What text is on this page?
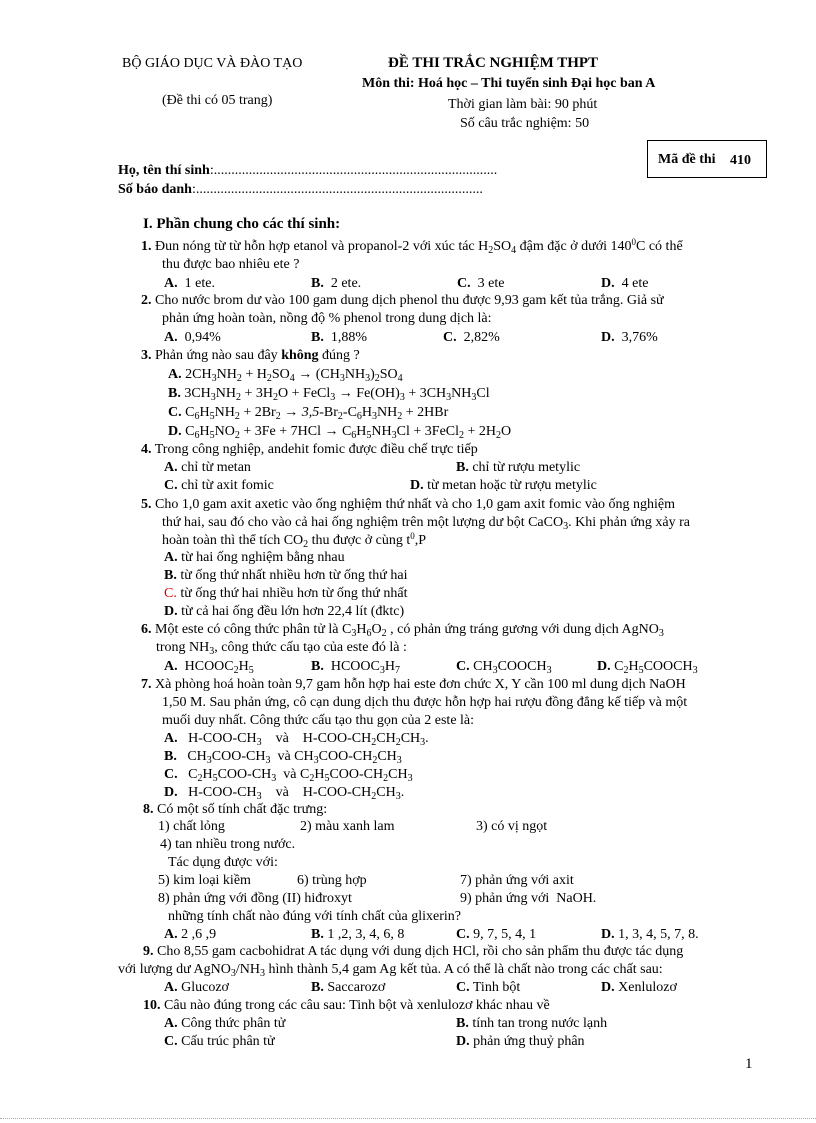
BỘ GIÁO DỤC VÀ ĐÀO TẠO
(Đề thi có 05 trang)
ĐỀ THI TRẮC NGHIỆM THPT
Môn thi: Hoá học – Thi tuyển sinh Đại học ban A
Thời gian làm bài: 90 phút
Số câu trắc nghiệm: 50
Mã đề thi 410
Họ, tên thí sinh:.................................................................................
Số báo danh:..................................................................................
I. Phần chung cho các thí sinh:
1. Đun nóng từ từ hỗn hợp etanol và propanol-2 với xúc tác $H_2SO_4$ đậm đặc ở dưới $140^0C$ có thể
thu được bao nhiêu ete ?
A.  1 ete.	B.  2 ete.	C.  3 ete	D.  4 ete
2. Cho nước brom dư vào 100 gam dung dịch phenol thu được 9,93 gam kết tủa trắng. Giả sử
phản ứng hoàn toàn, nồng độ % phenol trong dung dịch là:
A.  0,94%	B.  1,88%	C.  2,82%	D.  3,76%
3. Phản ứng nào sau đây không đúng ?
A. $2CH_3NH_2 + H_2SO_4 \to (CH_3NH_3)_2SO_4$
B. $3CH_3NH_2 + 3H_2O$ + FeCl$_3$ → $Fe(OH)_3 + 3CH_3NH_3Cl$
C. $C_6H_5NH_2 + 2Br_2 \to 3,5-Br_2-C_6H_3NH_2 + 2HBr$
D. $C_6H_5NO_2 + 3Fe + 7HCl \to C_6H_5NH_3Cl$ + 3FeCl$_2$ + $2H_2O$
4. Trong công nghiệp, andehit fomic được điều chế trực tiếp
A. chỉ từ metan	B. chỉ từ rượu metylic
C. chỉ từ axit fomic	D. từ metan hoặc từ rượu metylic
5. Cho 1,0 gam axit axetic vào ống nghiệm thứ nhất và cho 1,0 gam axit fomic vào ống nghiệm
thứ hai, sau đó cho vào cả hai ống nghiệm trên một lượng dư bột CaCO$_3$. Khi phản ứng xảy ra
hoàn toàn thì thể tích $CO_2$ thu được ở cùng $t^0,P$
A. từ hai ống nghiệm bằng nhau
B. từ ống thứ nhất nhiều hơn từ ống thứ hai
C. từ ống thứ hai nhiều hơn từ ống thứ nhất
D. từ cả hai ống đều lớn hơn 22,4 lít (đktc)
6. Một este có công thức phân tử là $C_3H_6O_2$ , có phản ứng tráng gương với dung dịch AgNO$_3$
trong $NH_3$, công thức cấu tạo của este đó là :
A.  $HCOOC_2H_5$	B.  $HCOOC_3H_7$	C. $CH_3COOCH_3$	D. $C_2H_5COOCH_3$
7. Xà phòng hoá hoàn toàn 9,7 gam hỗn hợp hai este đơn chức X, Y cần 100 ml dung dịch NaOH
1,50 M. Sau phản ứng, cô cạn dung dịch thu được hỗn hợp hai rượu đồng đẳng kế tiếp và một
muối duy nhất. Công thức cấu tạo thu gọn của 2 este là:
A.   $H-COO-CH_3$    và    $H-COO-CH_2CH_2CH_3$.
B.   $CH_3COO-CH_3$  và $CH_3COO-CH_2CH_3$
C.   $C_2H_5COO-CH_3$  và $C_2H_5COO-CH_2CH_3$
D.   $H-COO-CH_3$    và    $H-COO-CH_2CH_3$.
8. Có một số tính chất đặc trưng:
1) chất lỏng	2) màu xanh lam	3) có vị ngọt
4) tan nhiều trong nước.
Tác dụng được với:
5) kim loại kiềm	6) trùng hợp	7) phản ứng với axit
8) phản ứng với đồng (II) hiđroxyt	9) phản ứng với  NaOH.
những tính chất nào đúng với tính chất của glixerin?
A. 2 ,6 ,9	B. 1 ,2, 3, 4, 6, 8	C. 9, 7, 5, 4, 1	D. 1, 3, 4, 5, 7, 8.
9. Cho 8,55 gam cacbohidrat A tác dụng với dung dịch HCl, rồi cho sản phẩm thu được tác dụng
với lượng dư $AgNO_3/NH_3$ hình thành 5,4 gam Ag kết tủa. A có thể là chất nào trong các chất sau:
A. Glucozơ	B. Saccarozơ	C. Tinh bột	D. Xenlulozơ
10. Câu nào đúng trong các câu sau: Tinh bột và xenlulozơ khác nhau về
A. Công thức phân tử	B. tính tan trong nước lạnh
C. Cấu trúc phân tử	D. phản ứng thuỷ phân
1
